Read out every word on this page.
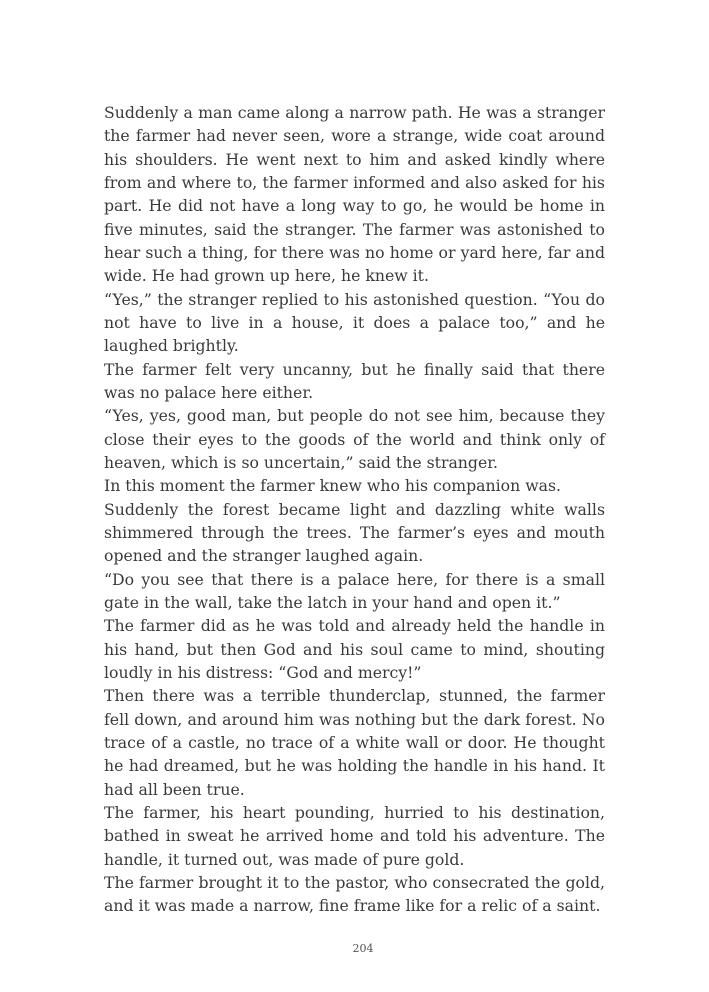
Suddenly a man came along a narrow path. He was a stranger the farmer had never seen, wore a strange, wide coat around his shoulders. He went next to him and asked kindly where from and where to, the farmer informed and also asked for his part. He did not have a long way to go, he would be home in five minutes, said the stranger. The farmer was astonished to hear such a thing, for there was no home or yard here, far and wide. He had grown up here, he knew it.

“Yes,” the stranger replied to his astonished question. “You do not have to live in a house, it does a palace too,” and he laughed brightly.

The farmer felt very uncanny, but he finally said that there was no palace here either.

“Yes, yes, good man, but people do not see him, because they close their eyes to the goods of the world and think only of heaven, which is so uncertain,” said the stranger.

In this moment the farmer knew who his companion was.

Suddenly the forest became light and dazzling white walls shimmered through the trees. The farmer’s eyes and mouth opened and the stranger laughed again.

“Do you see that there is a palace here, for there is a small gate in the wall, take the latch in your hand and open it.”

The farmer did as he was told and already held the handle in his hand, but then God and his soul came to mind, shouting loudly in his distress: “God and mercy!”

Then there was a terrible thunderclap, stunned, the farmer fell down, and around him was nothing but the dark forest. No trace of a castle, no trace of a white wall or door. He thought he had dreamed, but he was holding the handle in his hand. It had all been true.

The farmer, his heart pounding, hurried to his destination, bathed in sweat he arrived home and told his adventure. The handle, it turned out, was made of pure gold.

The farmer brought it to the pastor, who consecrated the gold, and it was made a narrow, fine frame like for a relic of a saint.

204
